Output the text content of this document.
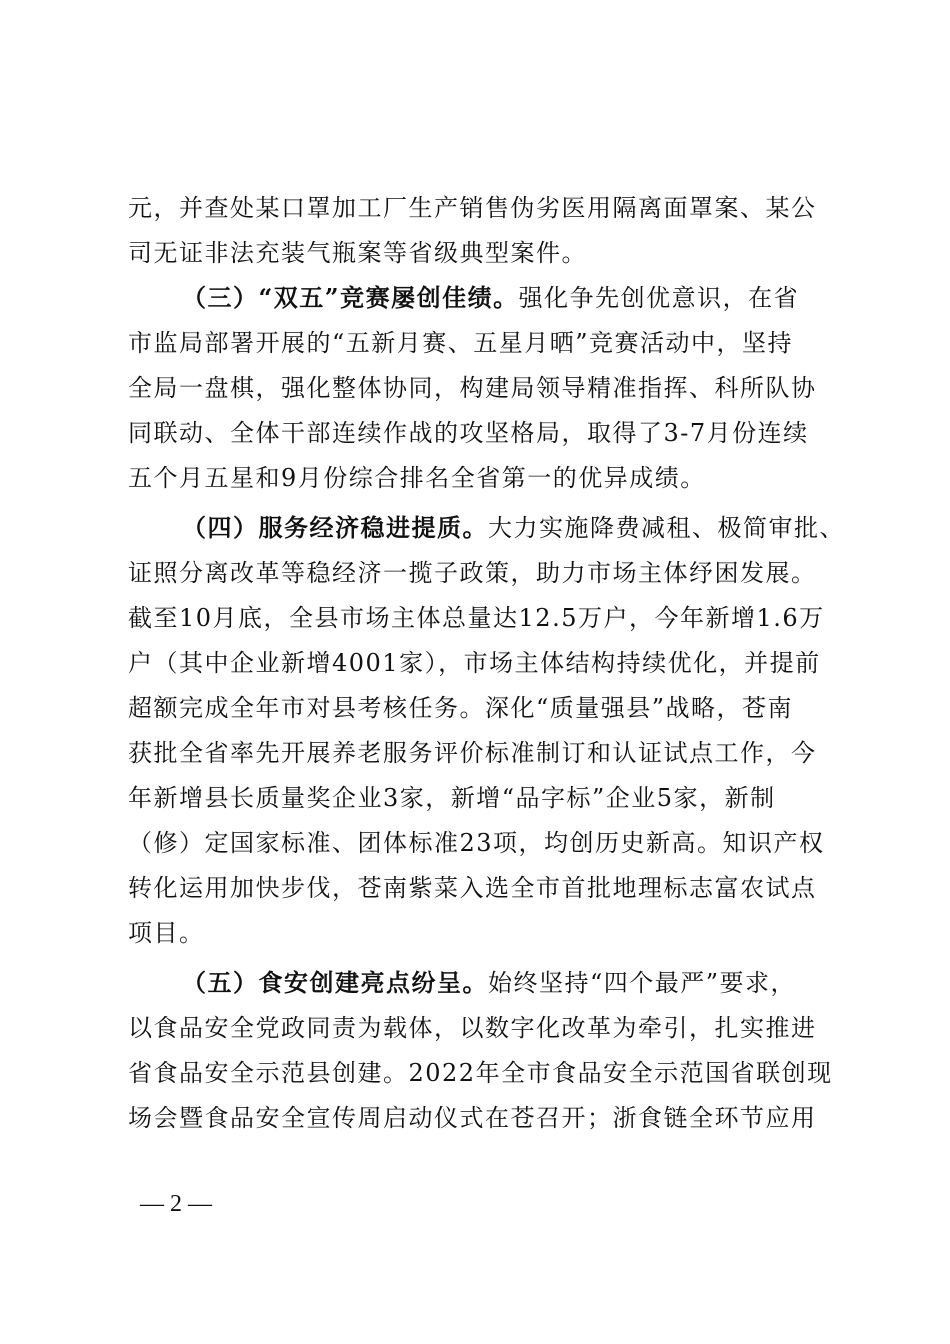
元，并查处某口罩加工厂生产销售伪劣医用隔离面罩案、某公
司无证非法充装气瓶案等省级典型案件。
（三）“双五”竞赛屡创佳绩。强化争先创优意识，在省
市监局部署开展的“五新月赛、五星月晒”竞赛活动中，坚持
全局一盘棋，强化整体协同，构建局领导精准指挥、科所队协
同联动、全体干部连续作战的攻坚格局，取得了3-7月份连续
五个月五星和9月份综合排名全省第一的优异成绩。
（四）服务经济稳进提质。大力实施降费减租、极简审批、
证照分离改革等稳经济一揽子政策，助力市场主体纾困发展。
截至10月底，全县市场主体总量达12.5万户，今年新增1.6万
户（其中企业新增4001家），市场主体结构持续优化，并提前
超额完成全年市对县考核任务。深化“质量强县”战略，苍南
获批全省率先开展养老服务评价标准制订和认证试点工作，今
年新增县长质量奖企业3家，新增“品字标”企业5家，新制
（修）定国家标准、团体标准23项，均创历史新高。知识产权
转化运用加快步伐，苍南紫菜入选全市首批地理标志富农试点
项目。
（五）食安创建亮点纷呈。始终坚持“四个最严”要求，
以食品安全党政同责为载体，以数字化改革为牵引，扎实推进
省食品安全示范县创建。2022年全市食品安全示范国省联创现
场会暨食品安全宣传周启动仪式在苍召开；浙食链全环节应用
— 2 —
